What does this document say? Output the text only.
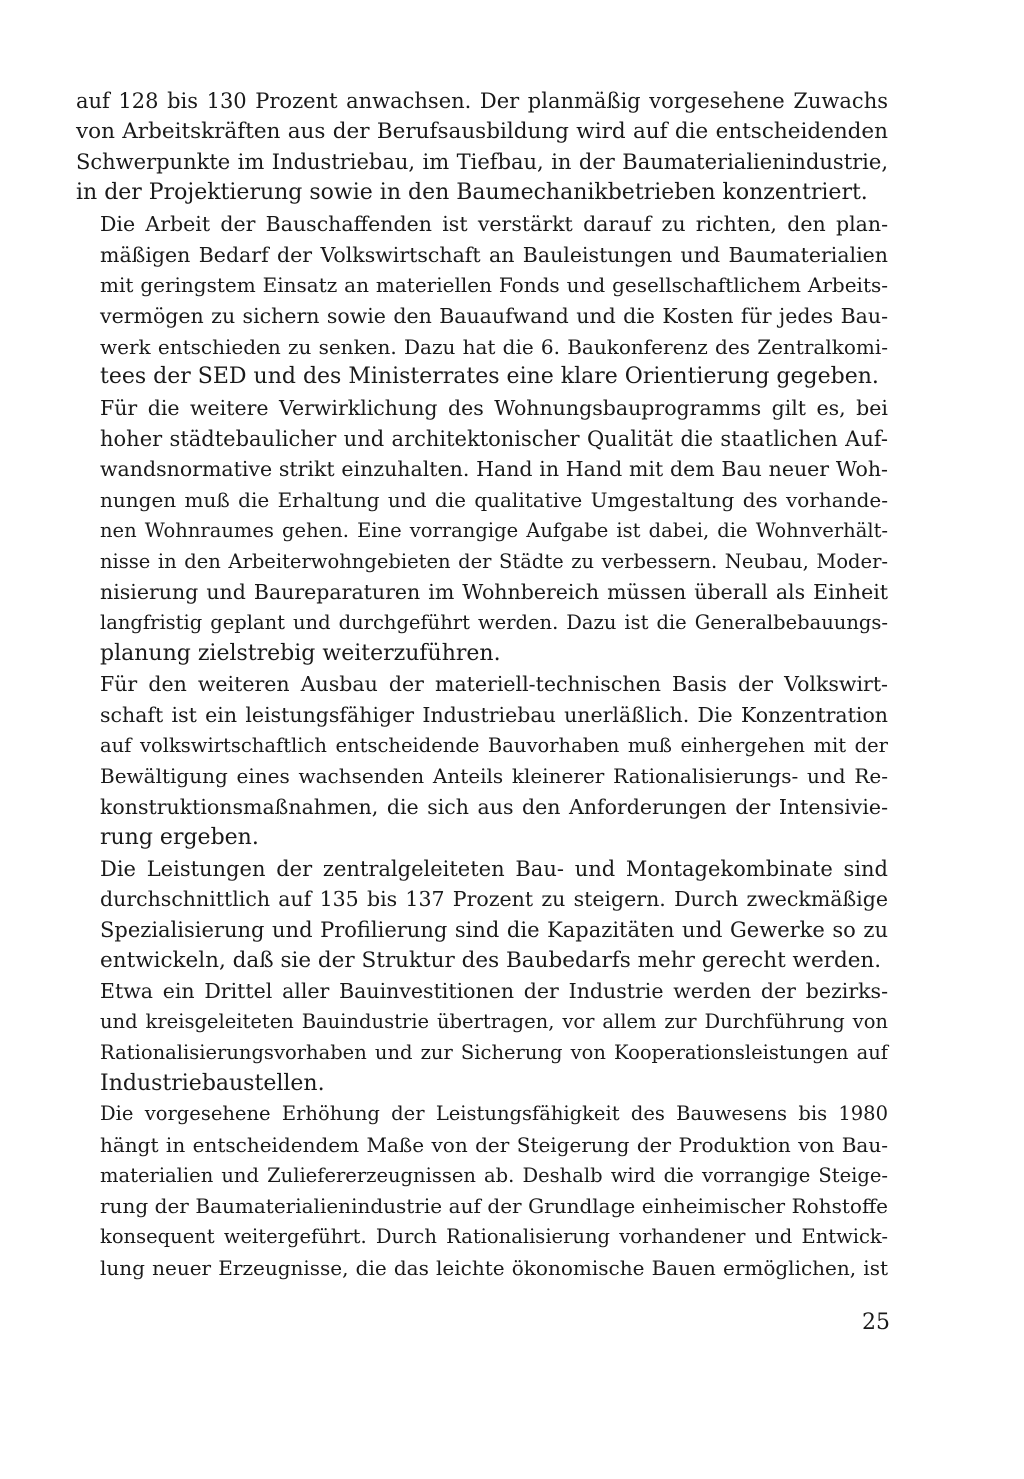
auf 128 bis 130 Prozent anwachsen. Der planmäßig vorgesehene Zuwachs
von Arbeitskräften aus der Berufsausbildung wird auf die entscheidenden
Schwerpunkte im Industriebau, im Tiefbau, in der Baumaterialienindustrie,
in der Projektierung sowie in den Baumechanikbetrieben konzentriert.

Die Arbeit der Bauschaffenden ist verstärkt darauf zu richten, den plan-
mäßigen Bedarf der Volkswirtschaft an Bauleistungen und Baumaterialien
mit geringstem Einsatz an materiellen Fonds und gesellschaftlichem Arbeits-
vermögen zu sichern sowie den Bauaufwand und die Kosten für jedes Bau-
werk entschieden zu senken. Dazu hat die 6. Baukonferenz des Zentralkomi-
tees der SED und des Ministerrates eine klare Orientierung gegeben.

Für die weitere Verwirklichung des Wohnungsbauprogramms gilt es, bei
hoher städtebaulicher und architektonischer Qualität die staatlichen Auf-
wandsnormative strikt einzuhalten. Hand in Hand mit dem Bau neuer Woh-
nungen muß die Erhaltung und die qualitative Umgestaltung des vorhande-
nen Wohnraumes gehen. Eine vorrangige Aufgabe ist dabei, die Wohnverhält-
nisse in den Arbeiterwohngebieten der Städte zu verbessern. Neubau, Moder-
nisierung und Baureparaturen im Wohnbereich müssen überall als Einheit
langfristig geplant und durchgeführt werden. Dazu ist die Generalbebauungs-
planung zielstrebig weiterzuführen.

Für den weiteren Ausbau der materiell-technischen Basis der Volkswirt-
schaft ist ein leistungsfähiger Industriebau unerläßlich. Die Konzentration
auf volkswirtschaftlich entscheidende Bauvorhaben muß einhergehen mit der
Bewältigung eines wachsenden Anteils kleinerer Rationalisierungs- und Re-
konstruktionsmaßnahmen, die sich aus den Anforderungen der Intensivie-
rung ergeben.

Die Leistungen der zentralgeleiteten Bau- und Montagekombinate sind
durchschnittlich auf 135 bis 137 Prozent zu steigern. Durch zweckmäßige
Spezialisierung und Profilierung sind die Kapazitäten und Gewerke so zu
entwickeln, daß sie der Struktur des Baubedarfs mehr gerecht werden.

Etwa ein Drittel aller Bauinvestitionen der Industrie werden der bezirks-
und kreisgeleiteten Bauindustrie übertragen, vor allem zur Durchführung von
Rationalisierungsvorhaben und zur Sicherung von Kooperationsleistungen auf
Industriebaustellen.

Die vorgesehene Erhöhung der Leistungsfähigkeit des Bauwesens bis 1980
hängt in entscheidendem Maße von der Steigerung der Produktion von Bau-
materialien und Zuliefererzeugnissen ab. Deshalb wird die vorrangige Steige-
rung der Baumaterialienindustrie auf der Grundlage einheimischer Rohstoffe
konsequent weitergeführt. Durch Rationalisierung vorhandener und Entwick-
lung neuer Erzeugnisse, die das leichte ökonomische Bauen ermöglichen, ist

25
